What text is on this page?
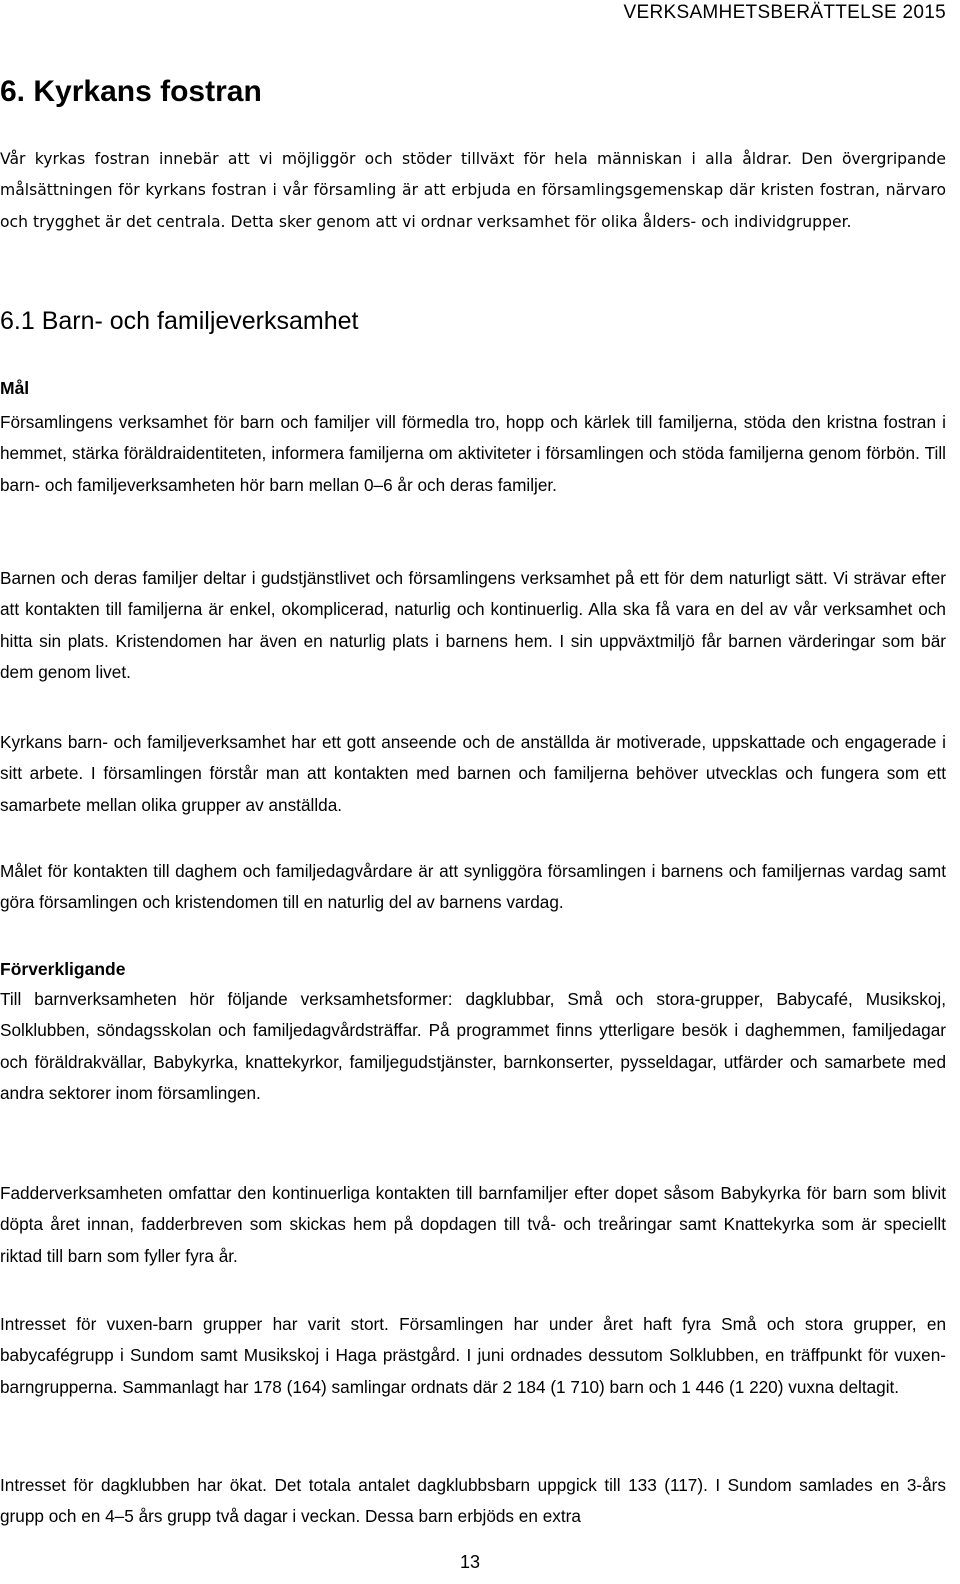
VERKSAMHETSBERÄTTELSE 2015
6. Kyrkans fostran

Vår kyrkas fostran innebär att vi möjliggör och stöder tillväxt för hela människan i alla åldrar. Den övergripande målsättningen för kyrkans fostran i vår församling är att erbjuda en församlingsgemenskap där kristen fostran, närvaro och trygghet är det centrala. Detta sker genom att vi ordnar verksamhet för olika ålders- och individgrupper.

6.1 Barn- och familjeverksamhet
Mål

Församlingens verksamhet för barn och familjer vill förmedla tro, hopp och kärlek till familjerna, stöda den kristna fostran i hemmet, stärka föräldraidentiteten, informera familjerna om aktiviteter i församlingen och stöda familjerna genom förbön. Till barn- och familjeverksamheten hör barn mellan 0–6 år och deras familjer.

Barnen och deras familjer deltar i gudstjänstlivet och församlingens verksamhet på ett för dem naturligt sätt. Vi strävar efter att kontakten till familjerna är enkel, okomplicerad, naturlig och kontinuerlig. Alla ska få vara en del av vår verksamhet och hitta sin plats. Kristendomen har även en naturlig plats i barnens hem. I sin uppväxtmiljö får barnen värderingar som bär dem genom livet.

Kyrkans barn- och familjeverksamhet har ett gott anseende och de anställda är motiverade, uppskattade och engagerade i sitt arbete. I församlingen förstår man att kontakten med barnen och familjerna behöver utvecklas och fungera som ett samarbete mellan olika grupper av anställda.

Målet för kontakten till daghem och familjedagvårdare är att synliggöra församlingen i barnens och familjernas vardag samt göra församlingen och kristendomen till en naturlig del av barnens vardag.

Förverkligande

Till barnverksamheten hör följande verksamhetsformer: dagklubbar, Små och stora-grupper, Babycafé, Musikskoj, Solklubben, söndagsskolan och familjedagvårdsträffar. På programmet finns ytterligare besök i daghemmen, familjedagar och föräldrakvällar, Babykyrka, knattekyrkor, familjegudstjänster, barnkonserter, pysseldagar, utfärder och samarbete med andra sektorer inom församlingen.

Fadderverksamheten omfattar den kontinuerliga kontakten till barnfamiljer efter dopet såsom Babykyrka för barn som blivit döpta året innan, fadderbreven som skickas hem på dopdagen till två- och treåringar samt Knattekyrka som är speciellt riktad till barn som fyller fyra år.

Intresset för vuxen-barn grupper har varit stort. Församlingen har under året haft fyra Små och stora grupper, en babycafégrupp i Sundom samt Musikskoj i Haga prästgård. I juni ordnades dessutom Solklubben, en träffpunkt för vuxen-barngrupperna. Sammanlagt har 178 (164) samlingar ordnats där 2 184 (1 710) barn och 1 446 (1 220) vuxna deltagit.

Intresset för dagklubben har ökat. Det totala antalet dagklubbsbarn uppgick till 133 (117). I Sundom samlades en 3-års grupp och en 4–5 års grupp två dagar i veckan. Dessa barn erbjöds en extra

13
